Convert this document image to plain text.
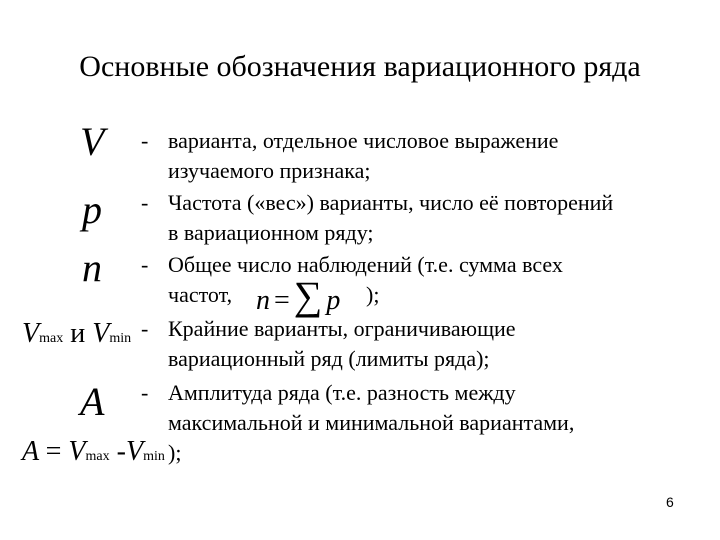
Основные обозначения вариационного ряда
V
p
n
Vmax и Vmin
A
A = Vmax -Vmin
- варианта, отдельное числовое выражение
изучаемого признака;
- Частота («вес») варианты, число её повторений
в вариационном ряду;
- Общее число наблюдений (т.е. сумма всех
частот, n = ∑ p );
- Крайние варианты, ограничивающие
вариационный ряд (лимиты ряда);
- Амплитуда ряда (т.е. разность между
максимальной и минимальной вариантами,
);
6
